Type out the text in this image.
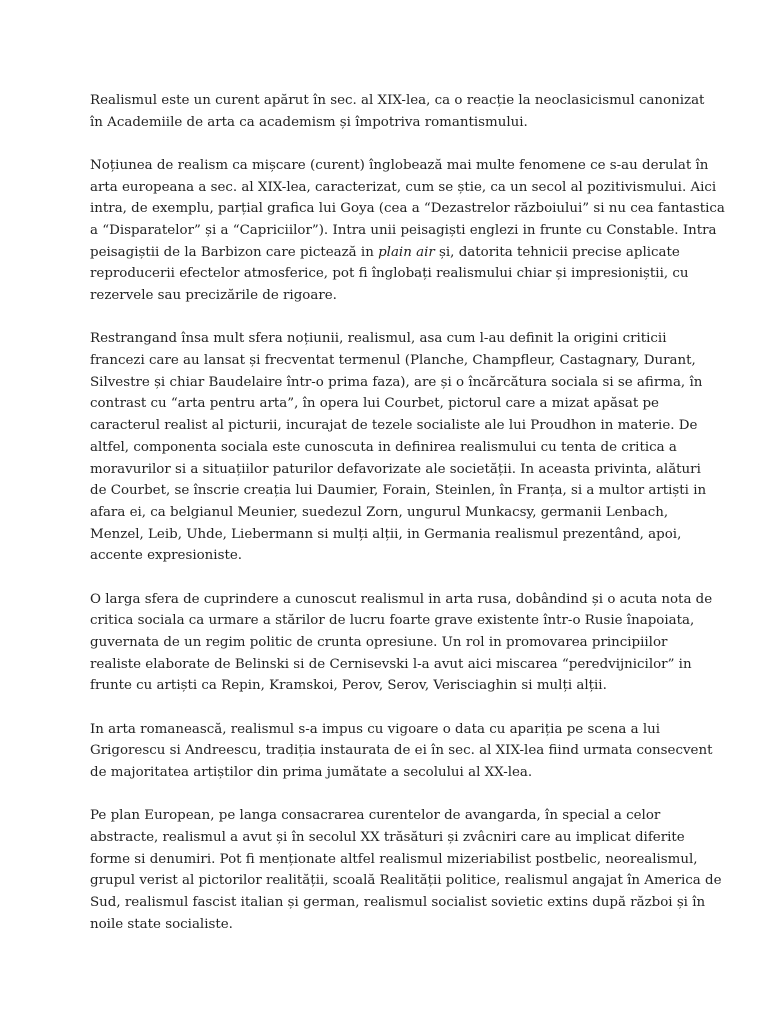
Realismul este un curent apărut în sec. al XIX-lea, ca o reacție la neoclasicismul canonizat
în Academiile de arta ca academism și împotriva romantismului.

Noțiunea de realism ca mișcare (curent) înglobează mai multe fenomene ce s-au derulat în
arta europeana a sec. al XIX-lea, caracterizat, cum se știe, ca un secol al pozitivismului. Aici
intra, de exemplu, parțial grafica lui Goya (cea a “Dezastrelor războiului” si nu cea fantastica
a “Disparatelor” și a “Capriciilor”). Intra unii peisagiști englezi in frunte cu Constable. Intra
peisagiștii de la Barbizon care pictează in plain air și, datorita tehnicii precise aplicate
reproducerii efectelor atmosferice, pot fi înglobați realismului chiar și impresioniștii, cu
rezervele sau precizările de rigoare.

Restrangand însa mult sfera noțiunii, realismul, asa cum l-au definit la origini criticii
francezi care au lansat și frecventat termenul (Planche, Champfleur, Castagnary, Durant,
Silvestre și chiar Baudelaire într-o prima faza), are și o încărcătura sociala si se afirma, în
contrast cu “arta pentru arta”, în opera lui Courbet, pictorul care a mizat apăsat pe
caracterul realist al picturii, incurajat de tezele socialiste ale lui Proudhon in materie. De
altfel, componenta sociala este cunoscuta in definirea realismului cu tenta de critica a
moravurilor si a situațiilor paturilor defavorizate ale societății. In aceasta privinta, alături
de Courbet, se înscrie creația lui Daumier, Forain, Steinlen, în Franța, si a multor artiști in
afara ei, ca belgianul Meunier, suedezul Zorn, ungurul Munkacsy, germanii Lenbach,
Menzel, Leib, Uhde, Liebermann si mulți alții, in Germania realismul prezentând, apoi,
accente expresioniste.

O larga sfera de cuprindere a cunoscut realismul in arta rusa, dobândind și o acuta nota de
critica sociala ca urmare a stărilor de lucru foarte grave existente într-o Rusie înapoiata,
guvernata de un regim politic de crunta opresiune. Un rol in promovarea principiilor
realiste elaborate de Belinski si de Cernisevski l-a avut aici miscarea “peredvijnicilor” in
frunte cu artiști ca Repin, Kramskoi, Perov, Serov, Verisciaghin si mulți alții.

In arta romanească, realismul s-a impus cu vigoare o data cu apariția pe scena a lui
Grigorescu si Andreescu, tradiția instaurata de ei în sec. al XIX-lea fiind urmata consecvent
de majoritatea artiștilor din prima jumătate a secolului al XX-lea.

Pe plan European, pe langa consacrarea curentelor de avangarda, în special a celor
abstracte, realismul a avut și în secolul XX trăsături și zvâcniri care au implicat diferite
forme si denumiri. Pot fi menționate altfel realismul mizeriabilist postbelic, neorealismul,
grupul verist al pictorilor realității, scoală Realității politice, realismul angajat în America de
Sud, realismul fascist italian și german, realismul socialist sovietic extins după război și în
noile state socialiste.
